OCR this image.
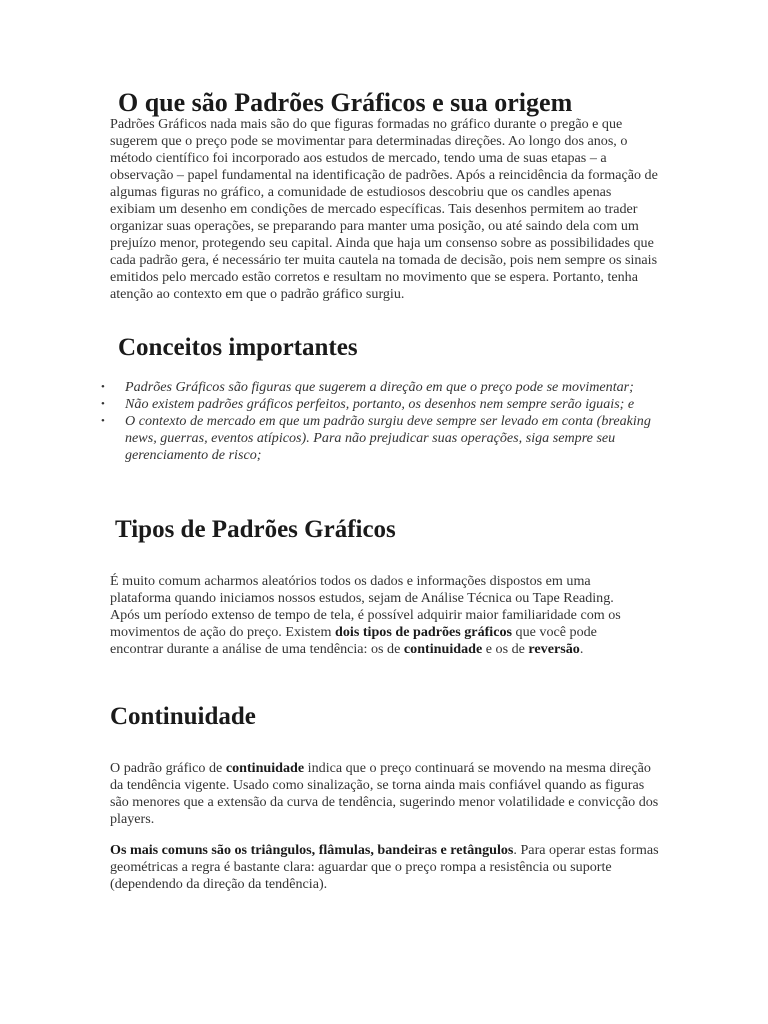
O que são Padrões Gráficos e sua origem

Padrões Gráficos nada mais são do que figuras formadas no gráfico durante o pregão e que sugerem que o preço pode se movimentar para determinadas direções. Ao longo dos anos, o método científico foi incorporado aos estudos de mercado, tendo uma de suas etapas – a observação – papel fundamental na identificação de padrões. Após a reincidência da formação de algumas figuras no gráfico, a comunidade de estudiosos descobriu que os candles apenas exibiam um desenho em condições de mercado específicas. Tais desenhos permitem ao trader organizar suas operações, se preparando para manter uma posição, ou até saindo dela com um prejuízo menor, protegendo seu capital. Ainda que haja um consenso sobre as possibilidades que cada padrão gera, é necessário ter muita cautela na tomada de decisão, pois nem sempre os sinais emitidos pelo mercado estão corretos e resultam no movimento que se espera. Portanto, tenha atenção ao contexto em que o padrão gráfico surgiu.

Conceitos importantes
• Padrões Gráficos são figuras que sugerem a direção em que o preço pode se movimentar;
• Não existem padrões gráficos perfeitos, portanto, os desenhos nem sempre serão iguais; e
• O contexto de mercado em que um padrão surgiu deve sempre ser levado em conta (breaking news, guerras, eventos atípicos). Para não prejudicar suas operações, siga sempre seu gerenciamento de risco;
Tipos de Padrões Gráficos

É muito comum acharmos aleatórios todos os dados e informações dispostos em uma plataforma quando iniciamos nossos estudos, sejam de Análise Técnica ou Tape Reading. Após um período extenso de tempo de tela, é possível adquirir maior familiaridade com os movimentos de ação do preço. Existem dois tipos de padrões gráficos que você pode encontrar durante a análise de uma tendência: os de continuidade e os de reversão.

Continuidade

O padrão gráfico de continuidade indica que o preço continuará se movendo na mesma direção da tendência vigente. Usado como sinalização, se torna ainda mais confiável quando as figuras são menores que a extensão da curva de tendência, sugerindo menor volatilidade e convicção dos players.

Os mais comuns são os triângulos, flâmulas, bandeiras e retângulos. Para operar estas formas geométricas a regra é bastante clara: aguardar que o preço rompa a resistência ou suporte (dependendo da direção da tendência).
